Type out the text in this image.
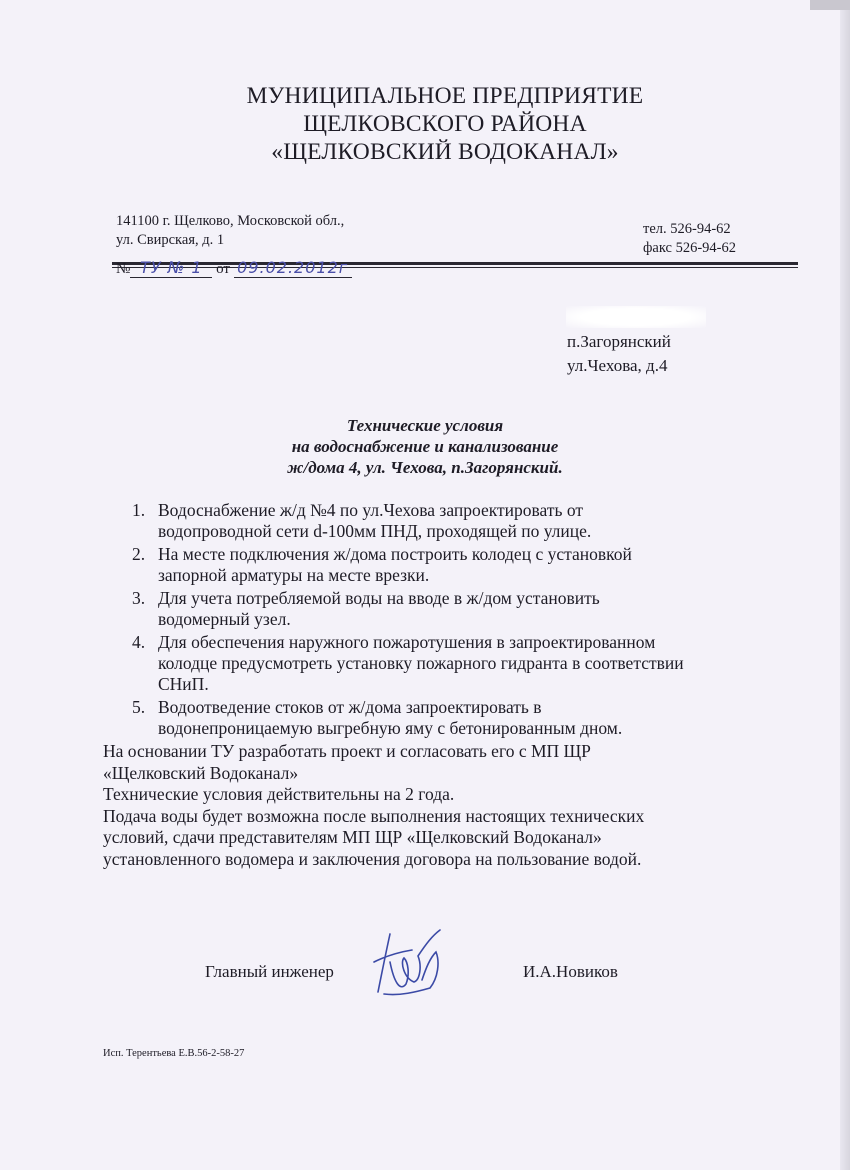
МУНИЦИПАЛЬНОЕ ПРЕДПРИЯТИЕ
ЩЕЛКОВСКОГО РАЙОНА
«ЩЕЛКОВСКИЙ ВОДОКАНАЛ»
141100 г. Щелково, Московской обл.,
ул. Свирская, д. 1
тел. 526-94-62
факс 526-94-62
№ ТУ № 1 от 09.02.2012г
п.Загорянский
ул.Чехова, д.4
Технические условия
на водоснабжение и канализование
ж/дома 4, ул. Чехова, п.Загорянский.
1. Водоснабжение ж/д №4 по ул.Чехова запроектировать от
водопроводной сети d-100мм ПНД, проходящей по улице.
2. На месте подключения ж/дома построить колодец с установкой
запорной арматуры на месте врезки.
3. Для учета потребляемой воды на вводе в ж/дом установить
водомерный узел.
4. Для обеспечения наружного пожаротушения в запроектированном
колодце предусмотреть установку пожарного гидранта в соответствии
СНиП.
5. Водоотведение стоков от ж/дома запроектировать в
водонепроницаемую выгребную яму с бетонированным дном.

На основании ТУ разработать проект и согласовать его с МП ЩР
«Щелковский Водоканал»

Технические условия действительны на 2 года.

Подача воды будет возможна после выполнения настоящих технических
условий, сдачи представителям МП ЩР «Щелковский Водоканал»
установленного водомера и заключения договора на пользование водой.

Главный инженер	И.А.Новиков
Исп. Терентьева Е.В.56-2-58-27
